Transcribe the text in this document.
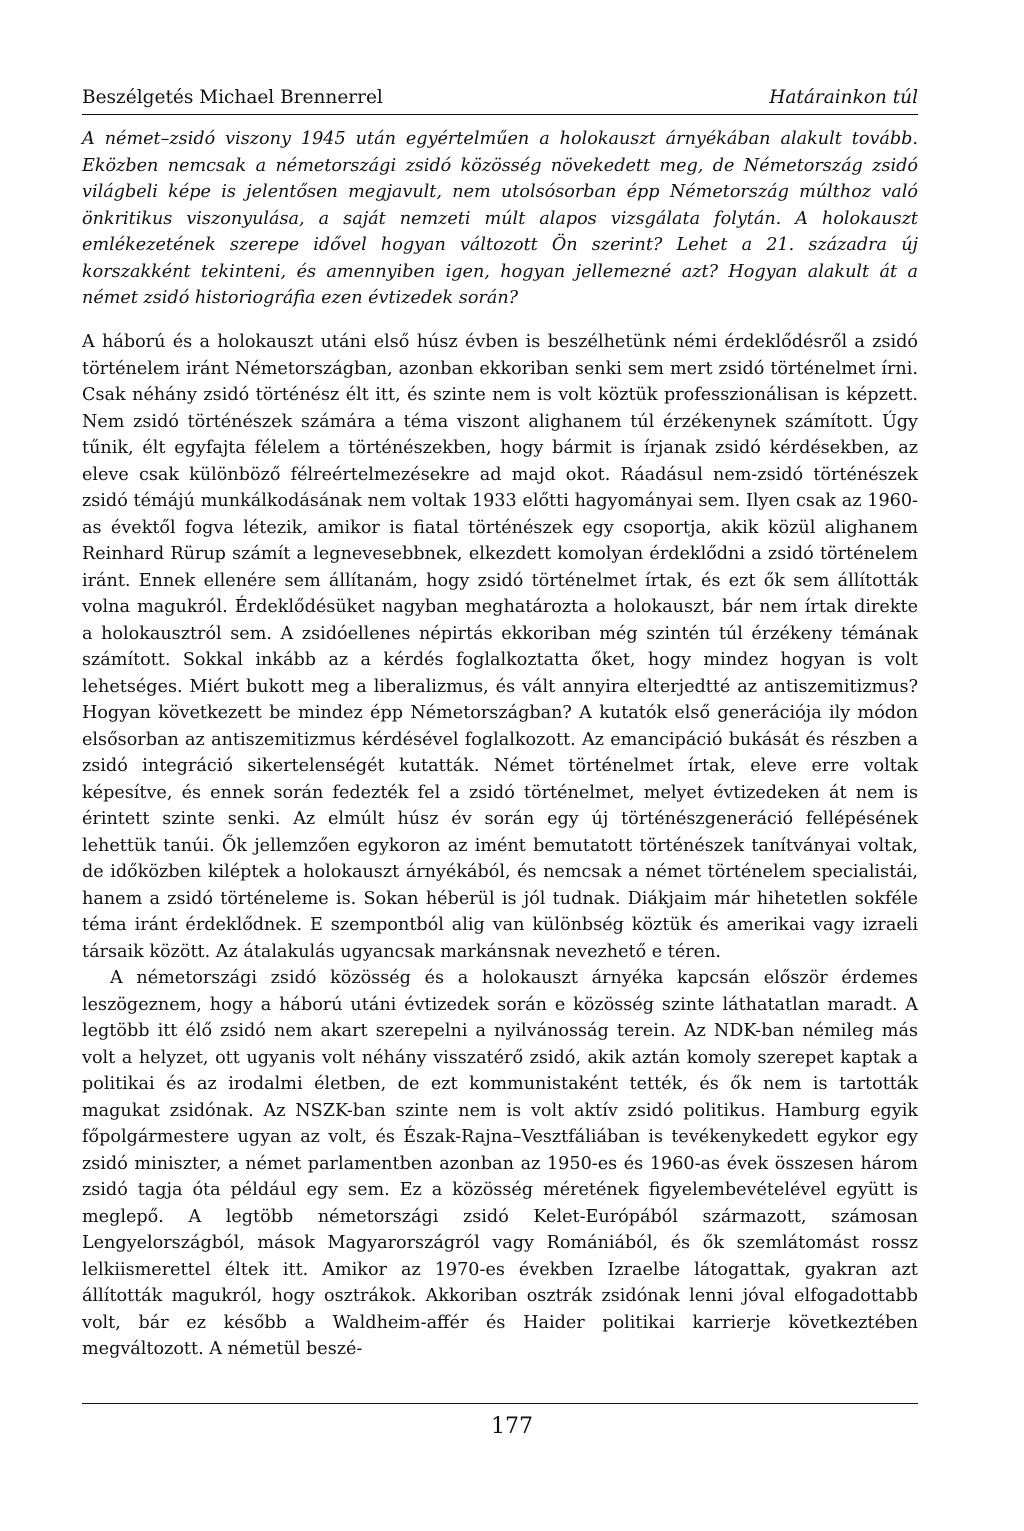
Beszélgetés Michael Brennerrel	Határainkon túl
A német–zsidó viszony 1945 után egyértelműen a holokauszt árnyékában alakult tovább. Eközben nemcsak a németországi zsidó közösség növekedett meg, de Németország zsidó világbeli képe is jelentősen megjavult, nem utolsósorban épp Németország múlthoz való önkritikus viszonyulása, a saját nemzeti múlt alapos vizsgálata folytán. A holokauszt emlékezetének szerepe idővel hogyan változott Ön szerint? Lehet a 21. századra új korszakként tekinteni, és amennyiben igen, hogyan jellemezné azt? Hogyan alakult át a német zsidó historiográfia ezen évtizedek során?

A háború és a holokauszt utáni első húsz évben is beszélhetünk némi érdeklődésről a zsidó történelem iránt Németországban, azonban ekkoriban senki sem mert zsidó történelmet írni. Csak néhány zsidó történész élt itt, és szinte nem is volt köztük professzionálisan is képzett. Nem zsidó történészek számára a téma viszont alighanem túl érzékenynek számított. Úgy tűnik, élt egyfajta félelem a történészekben, hogy bármit is írjanak zsidó kérdésekben, az eleve csak különböző félreértelmezésekre ad majd okot. Ráadásul nem-zsidó történészek zsidó témájú munkálkodásának nem voltak 1933 előtti hagyományai sem. Ilyen csak az 1960-as évektől fogva létezik, amikor is fiatal történészek egy csoportja, akik közül alighanem Reinhard Rürup számít a legnevesebbnek, elkezdett komolyan érdeklődni a zsidó történelem iránt. Ennek ellenére sem állítanám, hogy zsidó történelmet írtak, és ezt ők sem állították volna magukról. Érdeklődésüket nagyban meghatározta a holokauszt, bár nem írtak direkte a holokausztról sem. A zsidóellenes népirtás ekkoriban még szintén túl érzékeny témának számított. Sokkal inkább az a kérdés foglalkoztatta őket, hogy mindez hogyan is volt lehetséges. Miért bukott meg a liberalizmus, és vált annyira elterjedtté az antiszemitizmus? Hogyan következett be mindez épp Németországban? A kutatók első generációja ily módon elsősorban az antiszemitizmus kérdésével foglalkozott. Az emancipáció bukását és részben a zsidó integráció sikertelenségét kutatták. Német történelmet írtak, eleve erre voltak képesítve, és ennek során fedezték fel a zsidó történelmet, melyet évtizedeken át nem is érintett szinte senki. Az elmúlt húsz év során egy új történészgeneráció fellépésének lehettük tanúi. Ők jellemzően egykoron az imént bemutatott történészek tanítványai voltak, de időközben kiléptek a holokauszt árnyékából, és nemcsak a német történelem specialistái, hanem a zsidó történeleme is. Sokan héberül is jól tudnak. Diákjaim már hihetetlen sokféle téma iránt érdeklődnek. E szempontból alig van különbség köztük és amerikai vagy izraeli társaik között. Az átalakulás ugyancsak markánsnak nevezhető e téren.

A németországi zsidó közösség és a holokauszt árnyéka kapcsán először érdemes leszögeznem, hogy a háború utáni évtizedek során e közösség szinte láthatatlan maradt. A legtöbb itt élő zsidó nem akart szerepelni a nyilvánosság terein. Az NDK-ban némileg más volt a helyzet, ott ugyanis volt néhány visszatérő zsidó, akik aztán komoly szerepet kaptak a politikai és az irodalmi életben, de ezt kommunistaként tették, és ők nem is tartották magukat zsidónak. Az NSZK-ban szinte nem is volt aktív zsidó politikus. Hamburg egyik főpolgármestere ugyan az volt, és Észak-Rajna–Vesztfáliában is tevékenykedett egykor egy zsidó miniszter, a német parlamentben azonban az 1950-es és 1960-as évek összesen három zsidó tagja óta például egy sem. Ez a közösség méretének figyelembevételével együtt is meglepő. A legtöbb németországi zsidó Kelet-Európából származott, számosan Lengyelországból, mások Magyarországról vagy Romániából, és ők szemlátomást rossz lelkiismerettel éltek itt. Amikor az 1970-es években Izraelbe látogattak, gyakran azt állították magukról, hogy osztrákok. Akkoriban osztrák zsidónak lenni jóval elfogadottabb volt, bár ez később a Waldheim-affér és Haider politikai karrierje következtében megváltozott. A németül beszé-

177
